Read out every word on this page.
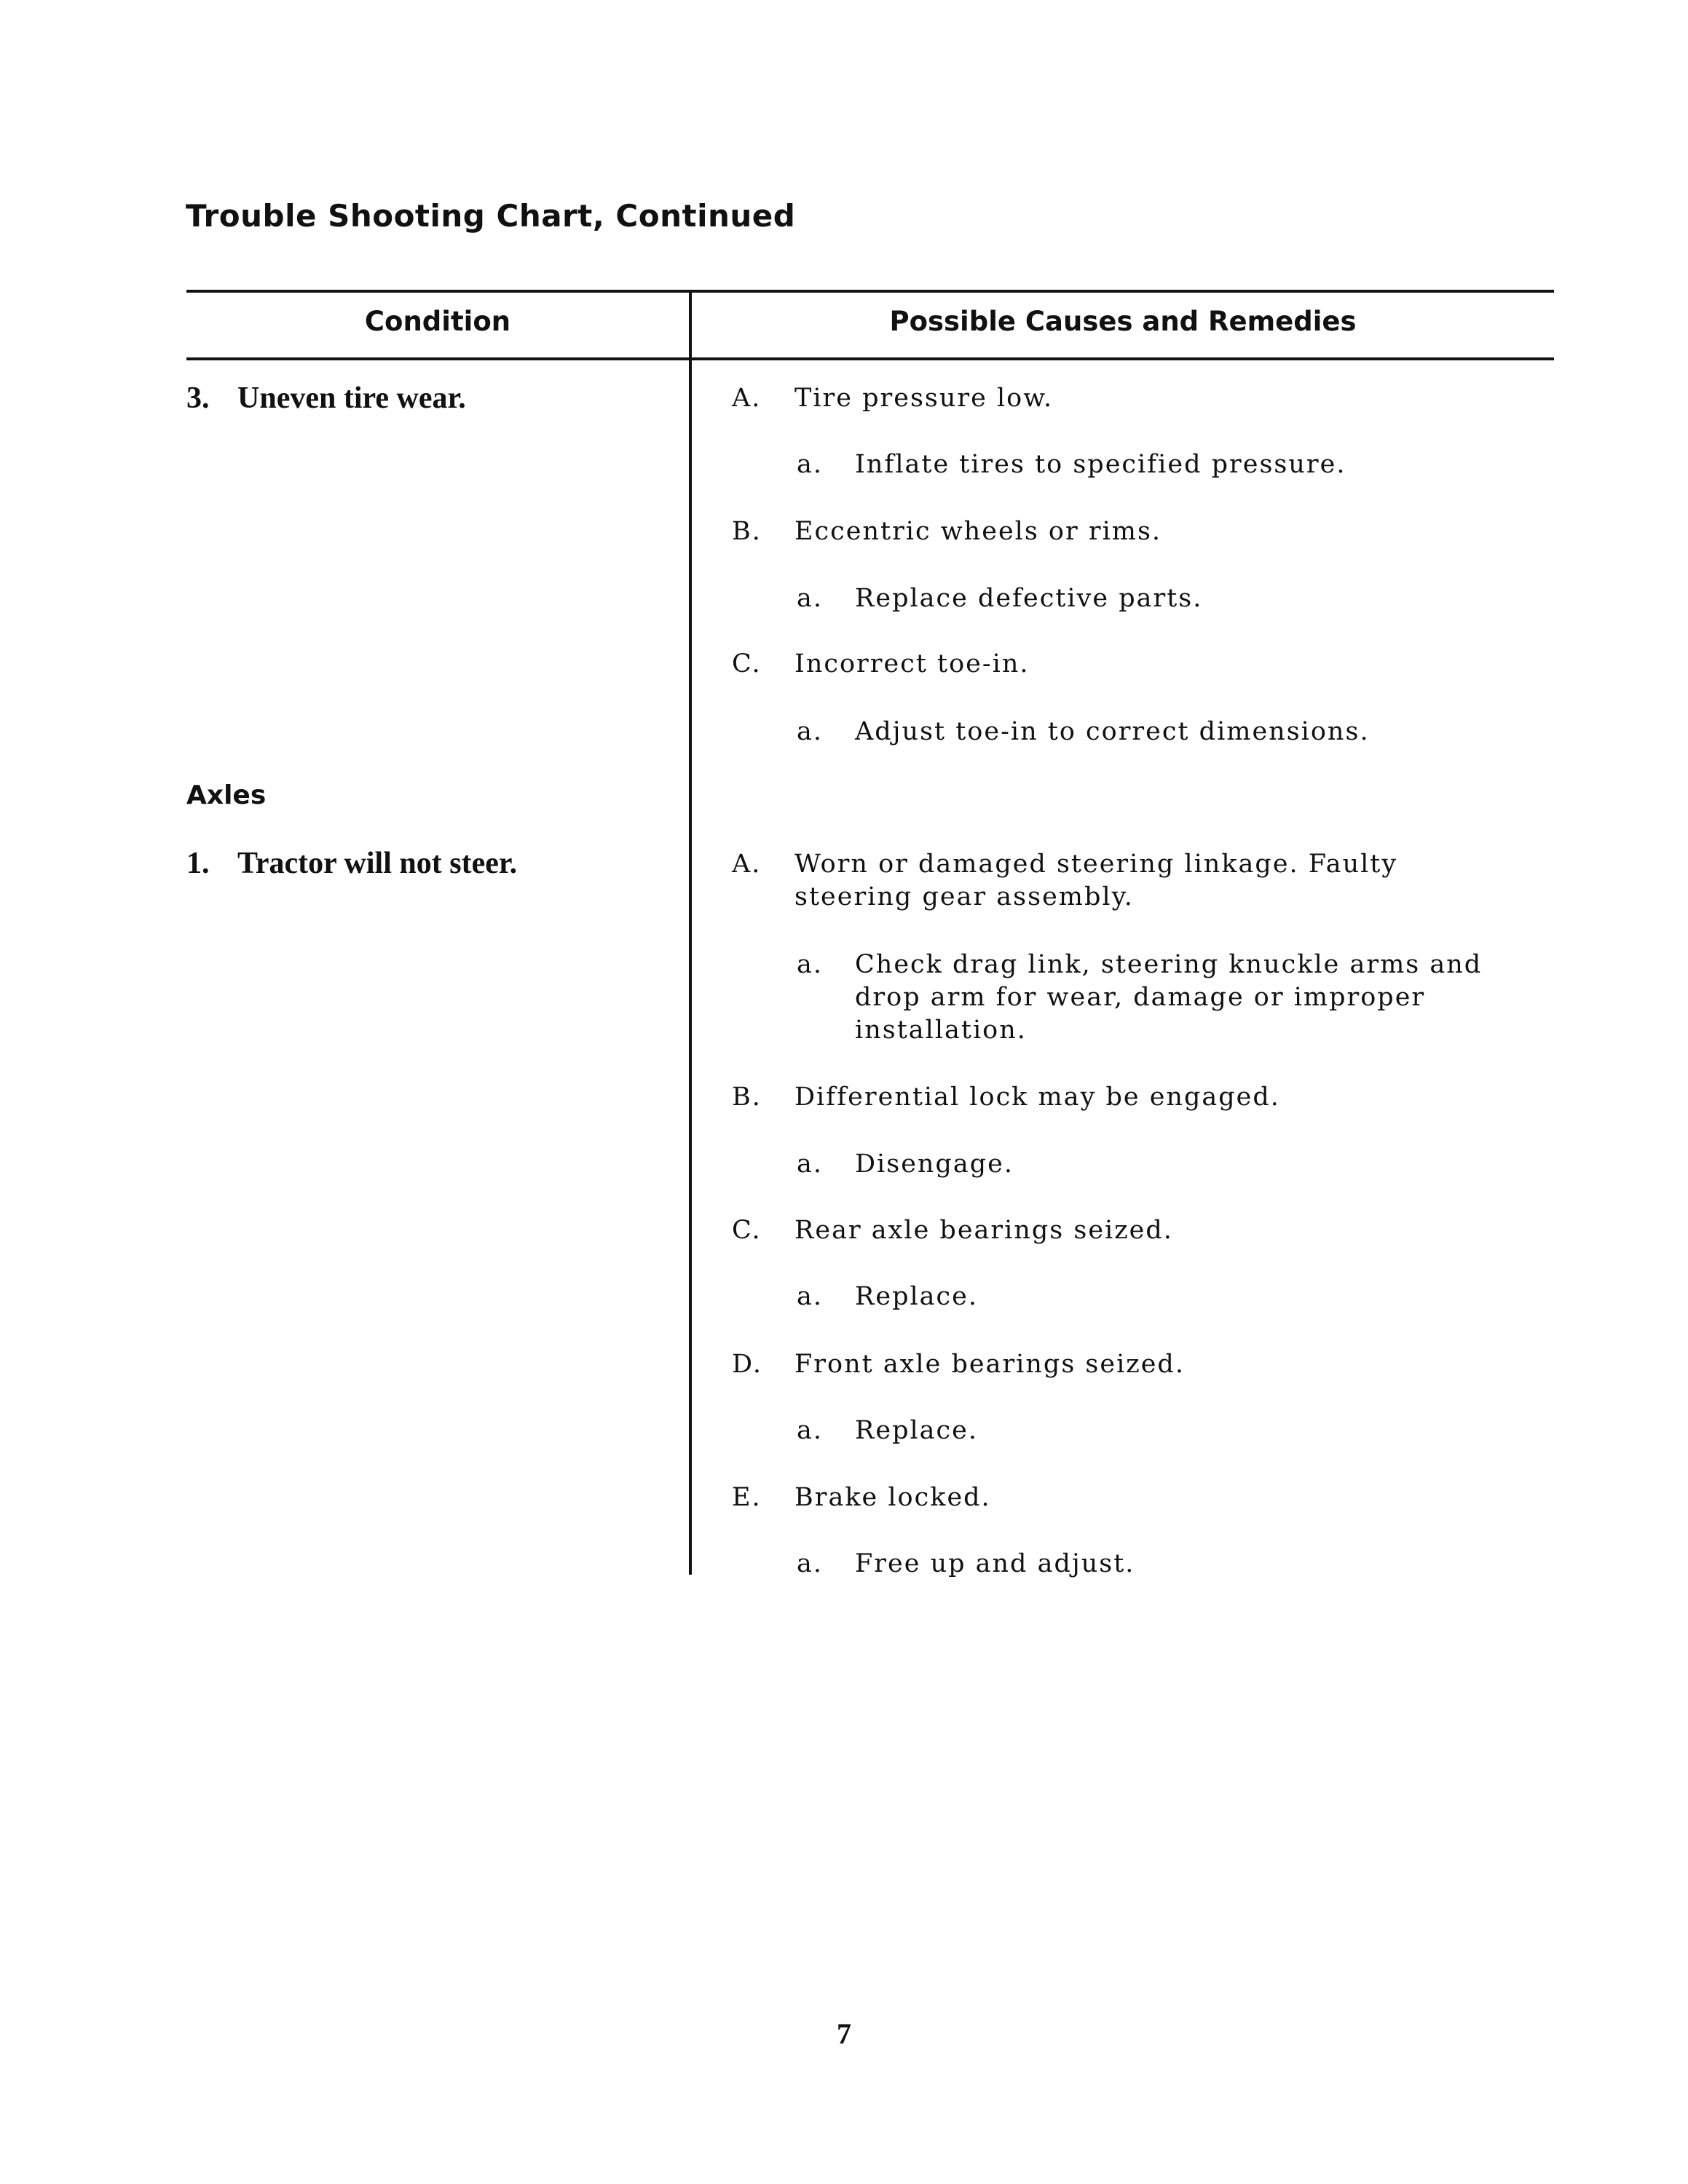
Trouble Shooting Chart, Continued
Condition	Possible Causes and Remedies
3. Uneven tire wear.
Axles
1. Tractor will not steer.
A. Tire pressure low.
a. Inflate tires to specified pressure.
B. Eccentric wheels or rims.
a. Replace defective parts.
C. Incorrect toe-in.
a. Adjust toe-in to correct dimensions.
A. Worn or damaged steering linkage. Faulty steering gear assembly.
a. Check drag link, steering knuckle arms and drop arm for wear, damage or improper installation.
B. Differential lock may be engaged.
a. Disengage.
C. Rear axle bearings seized.
a. Replace.
D. Front axle bearings seized.
a. Replace.
E. Brake locked.
a. Free up and adjust.
7
